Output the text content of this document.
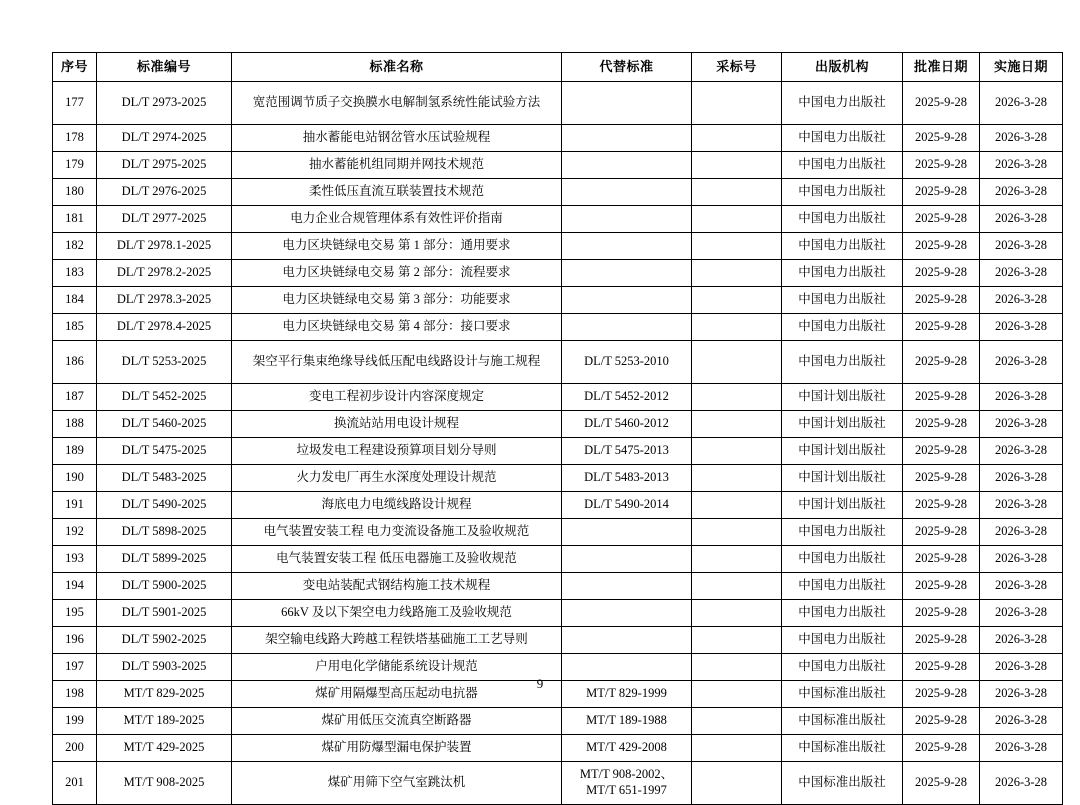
序号	标准编号	标准名称	代替标准	采标号	出版机构	批准日期	实施日期
177	DL/T 2973-2025	宽范围调节质子交换膜水电解制氢系统性能试验方法			中国电力出版社	2025-9-28	2026-3-28
178	DL/T 2974-2025	抽水蓄能电站钢岔管水压试验规程			中国电力出版社	2025-9-28	2026-3-28
179	DL/T 2975-2025	抽水蓄能机组同期并网技术规范			中国电力出版社	2025-9-28	2026-3-28
180	DL/T 2976-2025	柔性低压直流互联装置技术规范			中国电力出版社	2025-9-28	2026-3-28
181	DL/T 2977-2025	电力企业合规管理体系有效性评价指南			中国电力出版社	2025-9-28	2026-3-28
182	DL/T 2978.1-2025	电力区块链绿电交易 第 1 部分：通用要求			中国电力出版社	2025-9-28	2026-3-28
183	DL/T 2978.2-2025	电力区块链绿电交易 第 2 部分：流程要求			中国电力出版社	2025-9-28	2026-3-28
184	DL/T 2978.3-2025	电力区块链绿电交易 第 3 部分：功能要求			中国电力出版社	2025-9-28	2026-3-28
185	DL/T 2978.4-2025	电力区块链绿电交易 第 4 部分：接口要求			中国电力出版社	2025-9-28	2026-3-28
186	DL/T 5253-2025	架空平行集束绝缘导线低压配电线路设计与施工规程	DL/T 5253-2010		中国电力出版社	2025-9-28	2026-3-28
187	DL/T 5452-2025	变电工程初步设计内容深度规定	DL/T 5452-2012		中国计划出版社	2025-9-28	2026-3-28
188	DL/T 5460-2025	换流站站用电设计规程	DL/T 5460-2012		中国计划出版社	2025-9-28	2026-3-28
189	DL/T 5475-2025	垃圾发电工程建设预算项目划分导则	DL/T 5475-2013		中国计划出版社	2025-9-28	2026-3-28
190	DL/T 5483-2025	火力发电厂再生水深度处理设计规范	DL/T 5483-2013		中国计划出版社	2025-9-28	2026-3-28
191	DL/T 5490-2025	海底电力电缆线路设计规程	DL/T 5490-2014		中国计划出版社	2025-9-28	2026-3-28
192	DL/T 5898-2025	电气装置安装工程 电力变流设备施工及验收规范			中国电力出版社	2025-9-28	2026-3-28
193	DL/T 5899-2025	电气装置安装工程 低压电器施工及验收规范			中国电力出版社	2025-9-28	2026-3-28
194	DL/T 5900-2025	变电站装配式钢结构施工技术规程			中国电力出版社	2025-9-28	2026-3-28
195	DL/T 5901-2025	66kV 及以下架空电力线路施工及验收规范			中国电力出版社	2025-9-28	2026-3-28
196	DL/T 5902-2025	架空输电线路大跨越工程铁塔基础施工工艺导则			中国电力出版社	2025-9-28	2026-3-28
197	DL/T 5903-2025	户用电化学储能系统设计规范			中国电力出版社	2025-9-28	2026-3-28
198	MT/T 829-2025	煤矿用隔爆型高压起动电抗器	MT/T 829-1999		中国标准出版社	2025-9-28	2026-3-28
199	MT/T 189-2025	煤矿用低压交流真空断路器	MT/T 189-1988		中国标准出版社	2025-9-28	2026-3-28
200	MT/T 429-2025	煤矿用防爆型漏电保护装置	MT/T 429-2008		中国标准出版社	2025-9-28	2026-3-28
201	MT/T 908-2025	煤矿用筛下空气室跳汰机	MT/T 908-2002、
MT/T 651-1997		中国标准出版社	2025-9-28	2026-3-28
9
